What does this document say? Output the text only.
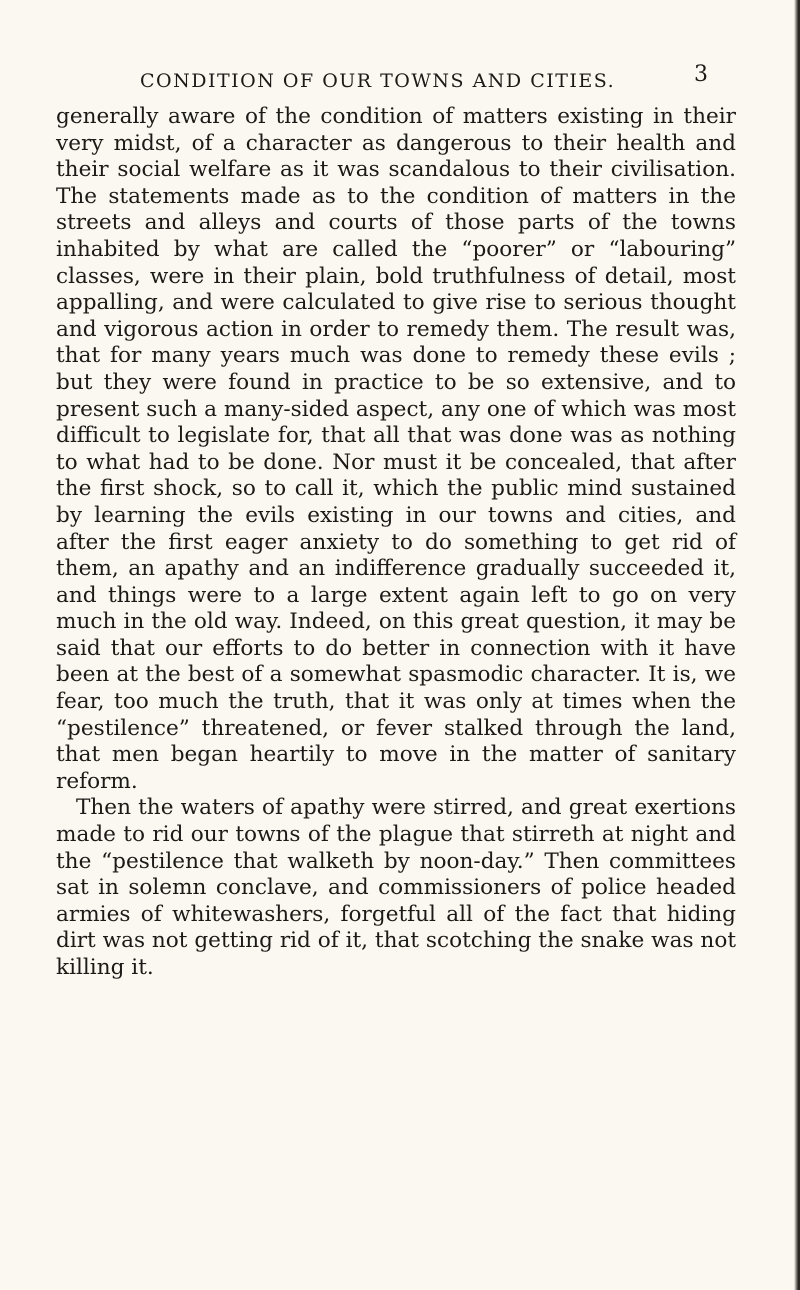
CONDITION OF OUR TOWNS AND CITIES.	3

generally aware of the condition of matters existing in their very midst, of a character as dangerous to their health and their social welfare as it was scandalous to their civilisation. The statements made as to the condition of matters in the streets and alleys and courts of those parts of the towns inhabited by what are called the “poorer” or “labouring” classes, were in their plain, bold truthfulness of detail, most appalling, and were calculated to give rise to serious thought and vigorous action in order to remedy them. The result was, that for many years much was done to remedy these evils ; but they were found in practice to be so extensive, and to present such a many-sided aspect, any one of which was most difficult to legislate for, that all that was done was as nothing to what had to be done. Nor must it be concealed, that after the first shock, so to call it, which the public mind sustained by learning the evils existing in our towns and cities, and after the first eager anxiety to do something to get rid of them, an apathy and an indifference gradually succeeded it, and things were to a large extent again left to go on very much in the old way. Indeed, on this great question, it may be said that our efforts to do better in connection with it have been at the best of a somewhat spasmodic character. It is, we fear, too much the truth, that it was only at times when the “pestilence” threatened, or fever stalked through the land, that men began heartily to move in the matter of sanitary reform.

Then the waters of apathy were stirred, and great exertions made to rid our towns of the plague that stirreth at night and the “pestilence that walketh by noon-day.” Then committees sat in solemn conclave, and commissioners of police headed armies of whitewashers, forgetful all of the fact that hiding dirt was not getting rid of it, that scotching the snake was not killing it.
